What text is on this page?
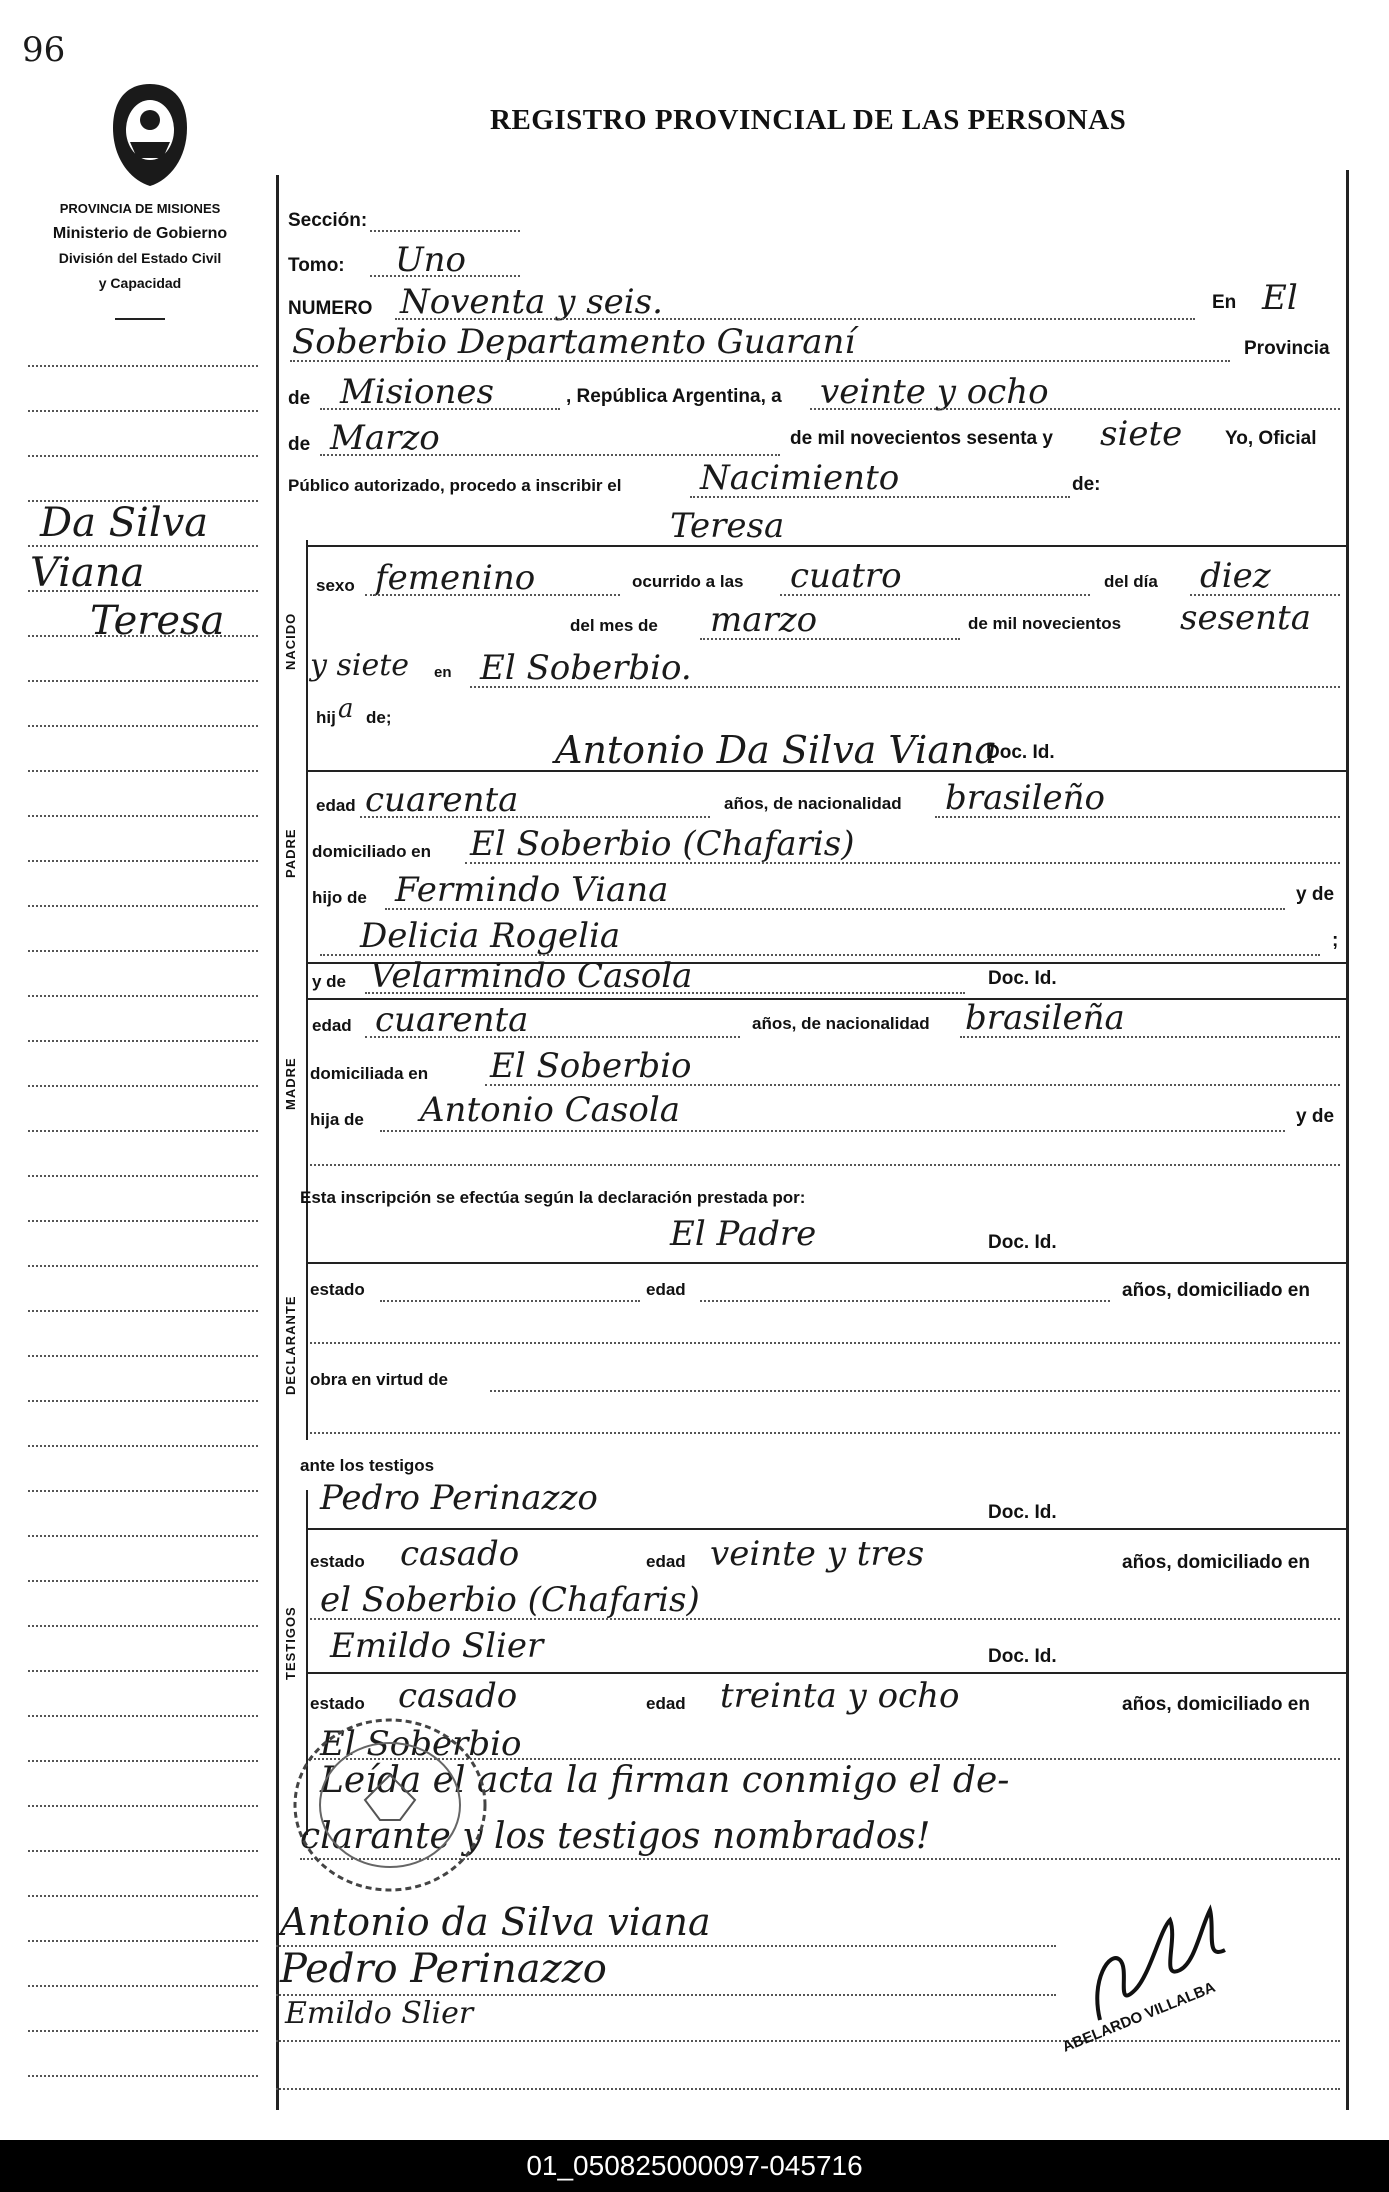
96
PROVINCIA DE MISIONES
Ministerio de Gobierno
División del Estado Civil
y Capacidad
REGISTRO PROVINCIAL DE LAS PERSONAS
Da Silva
Viana
Teresa	NACIDO
PADRE
MADRE
DECLARANTE
TESTIGOS
Sección:
Tomo: Uno
NUMERO Noventa y seis.	En El
Soberbio Departamento Guaraní	Provincia
de Misiones	, República Argentina, a veinte y ocho
de Marzo	de mil novecientos sesenta y siete Yo, Oficial
Público autorizado, procedo a inscribir el Nacimiento	de:
Teresa
sexo femenino	ocurrido a las cuatro	del día diez
del mes de marzo	de mil novecientos sesenta
y siete en El Soberbio.
hij a de;
Antonio Da Silva Viana
Doc. Id.
edad cuarenta	años, de nacionalidad brasileño
domiciliado en El Soberbio (Chafaris)
hijo de Fermindo Viana	y de
Delicia Rogelia	;
y de Velarmindo Casola	Doc. Id.
edad cuarenta	años, de nacionalidad brasileña
domiciliada en El Soberbio
hija de Antonio Casola	y de
Esta inscripción se efectúa según la declaración prestada por:
El Padre	Doc. Id.
estado	edad	años, domiciliado en
obra en virtud de
ante los testigos
Pedro Perinazzo	Doc. Id.
estado casado	edad veinte y tres	años, domiciliado en
el Soberbio (Chafaris)
Emildo Slier	Doc. Id.
estado casado	edad treinta y ocho	años, domiciliado en
El Soberbio
Leída el acta la firman conmigo el de-
clarante y los testigos nombrados!
Antonio da Silva viana
Pedro Perinazzo
Emildo Slier	ABELARDO VILLALBA
01_050825000097-045716
